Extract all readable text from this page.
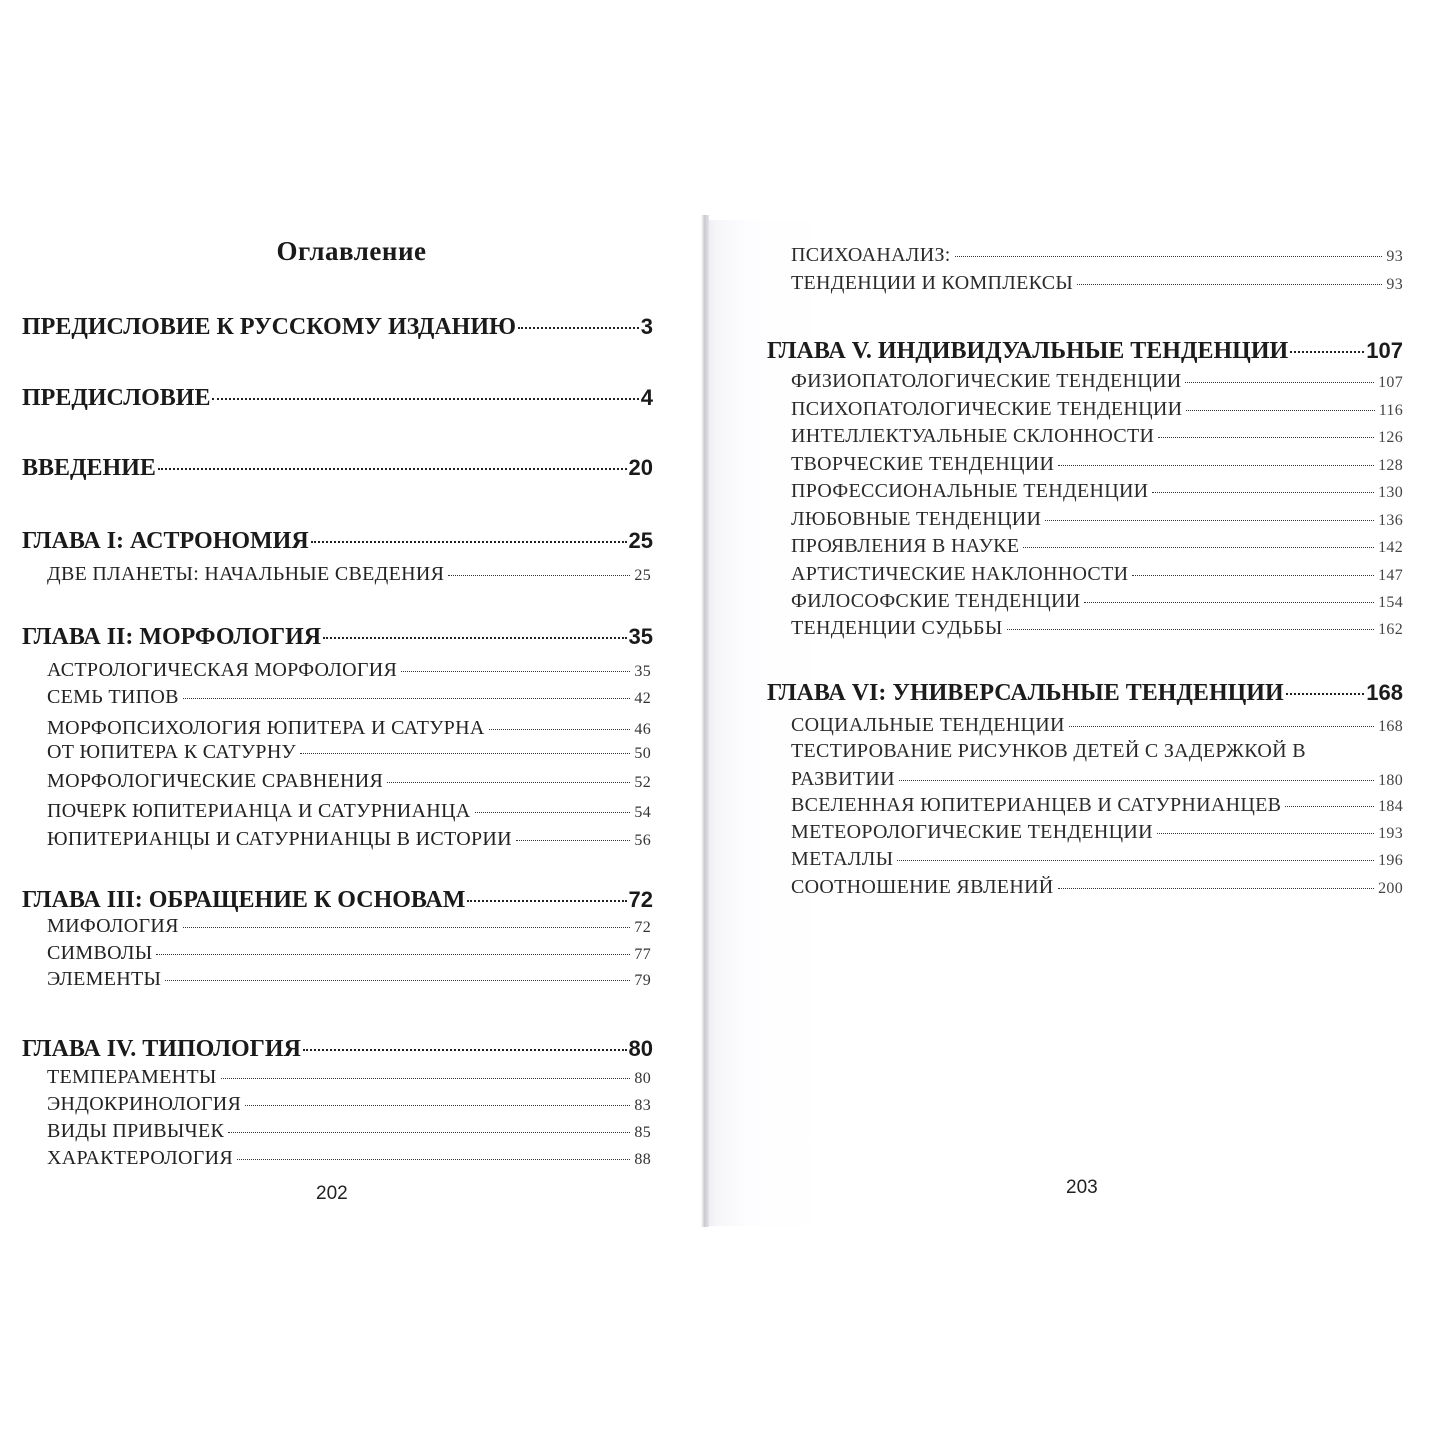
Оглавление
ПРЕДИСЛОВИЕ К РУССКОМУ ИЗДАНИЮ	3
ПРЕДИСЛОВИЕ	4
ВВЕДЕНИЕ	20
ГЛАВА I: АСТРОНОМИЯ	25
ДВЕ ПЛАНЕТЫ: НАЧАЛЬНЫЕ СВЕДЕНИЯ	25
ГЛАВА II: МОРФОЛОГИЯ	35
АСТРОЛОГИЧЕСКАЯ МОРФОЛОГИЯ	35
СЕМЬ ТИПОВ	42
МОРФОПСИХОЛОГИЯ ЮПИТЕРА И САТУРНА	46
ОТ ЮПИТЕРА К САТУРНУ	50
МОРФОЛОГИЧЕСКИЕ СРАВНЕНИЯ	52
ПОЧЕРК ЮПИТЕРИАНЦА И САТУРНИАНЦА	54
ЮПИТЕРИАНЦЫ И САТУРНИАНЦЫ В ИСТОРИИ	56
ГЛАВА III: ОБРАЩЕНИЕ К ОСНОВАМ	72
МИФОЛОГИЯ	72
СИМВОЛЫ	77
ЭЛЕМЕНТЫ	79
ГЛАВА IV. ТИПОЛОГИЯ	80
ТЕМПЕРАМЕНТЫ	80
ЭНДОКРИНОЛОГИЯ	83
ВИДЫ ПРИВЫЧЕК	85
ХАРАКТЕРОЛОГИЯ	88
202
ПСИХОАНАЛИЗ:	93
ТЕНДЕНЦИИ И КОМПЛЕКСЫ	93
ГЛАВА V. ИНДИВИДУАЛЬНЫЕ ТЕНДЕНЦИИ	107
ФИЗИОПАТОЛОГИЧЕСКИЕ ТЕНДЕНЦИИ	107
ПСИХОПАТОЛОГИЧЕСКИЕ ТЕНДЕНЦИИ	116
ИНТЕЛЛЕКТУАЛЬНЫЕ СКЛОННОСТИ	126
ТВОРЧЕСКИЕ ТЕНДЕНЦИИ	128
ПРОФЕССИОНАЛЬНЫЕ ТЕНДЕНЦИИ	130
ЛЮБОВНЫЕ ТЕНДЕНЦИИ	136
ПРОЯВЛЕНИЯ В НАУКЕ	142
АРТИСТИЧЕСКИЕ НАКЛОННОСТИ	147
ФИЛОСОФСКИЕ ТЕНДЕНЦИИ	154
ТЕНДЕНЦИИ СУДЬБЫ	162
ГЛАВА VI: УНИВЕРСАЛЬНЫЕ ТЕНДЕНЦИИ	168
СОЦИАЛЬНЫЕ ТЕНДЕНЦИИ	168
ТЕСТИРОВАНИЕ РИСУНКОВ ДЕТЕЙ С ЗАДЕРЖКОЙ В
РАЗВИТИИ	180
ВСЕЛЕННАЯ ЮПИТЕРИАНЦЕВ И САТУРНИАНЦЕВ	184
МЕТЕОРОЛОГИЧЕСКИЕ ТЕНДЕНЦИИ	193
МЕТАЛЛЫ	196
СООТНОШЕНИЕ ЯВЛЕНИЙ	200
203
